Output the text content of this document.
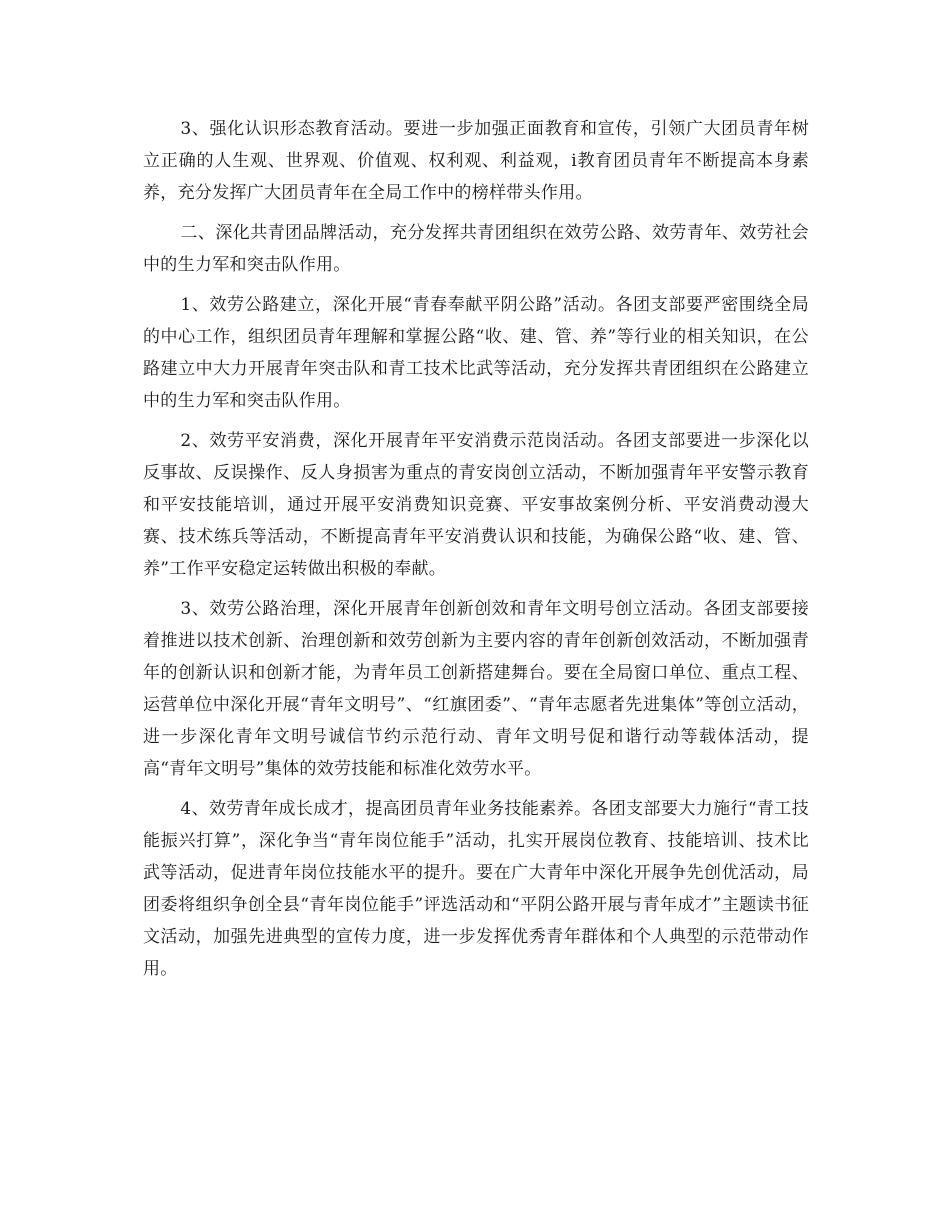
3、强化认识形态教育活动。要进一步加强正面教育和宣传，引领广大团员青年树立正确的人生观、世界观、价值观、权利观、利益观，i教育团员青年不断提高本身素养，充分发挥广大团员青年在全局工作中的榜样带头作用。

二、深化共青团品牌活动，充分发挥共青团组织在效劳公路、效劳青年、效劳社会中的生力军和突击队作用。

1、效劳公路建立，深化开展“青春奉献平阴公路”活动。各团支部要严密围绕全局的中心工作，组织团员青年理解和掌握公路“收、建、管、养”等行业的相关知识，在公路建立中大力开展青年突击队和青工技术比武等活动，充分发挥共青团组织在公路建立中的生力军和突击队作用。

2、效劳平安消费，深化开展青年平安消费示范岗活动。各团支部要进一步深化以反事故、反误操作、反人身损害为重点的青安岗创立活动，不断加强青年平安警示教育和平安技能培训，通过开展平安消费知识竞赛、平安事故案例分析、平安消费动漫大赛、技术练兵等活动，不断提高青年平安消费认识和技能，为确保公路“收、建、管、养”工作平安稳定运转做出积极的奉献。

3、效劳公路治理，深化开展青年创新创效和青年文明号创立活动。各团支部要接着推进以技术创新、治理创新和效劳创新为主要内容的青年创新创效活动，不断加强青年的创新认识和创新才能，为青年员工创新搭建舞台。要在全局窗口单位、重点工程、运营单位中深化开展“青年文明号”、“红旗团委”、“青年志愿者先进集体”等创立活动，进一步深化青年文明号诚信节约示范行动、青年文明号促和谐行动等载体活动，提高“青年文明号”集体的效劳技能和标准化效劳水平。

4、效劳青年成长成才，提高团员青年业务技能素养。各团支部要大力施行“青工技能振兴打算”，深化争当“青年岗位能手”活动，扎实开展岗位教育、技能培训、技术比武等活动，促进青年岗位技能水平的提升。要在广大青年中深化开展争先创优活动，局团委将组织争创全县“青年岗位能手”评选活动和“平阴公路开展与青年成才”主题读书征文活动，加强先进典型的宣传力度，进一步发挥优秀青年群体和个人典型的示范带动作用。
